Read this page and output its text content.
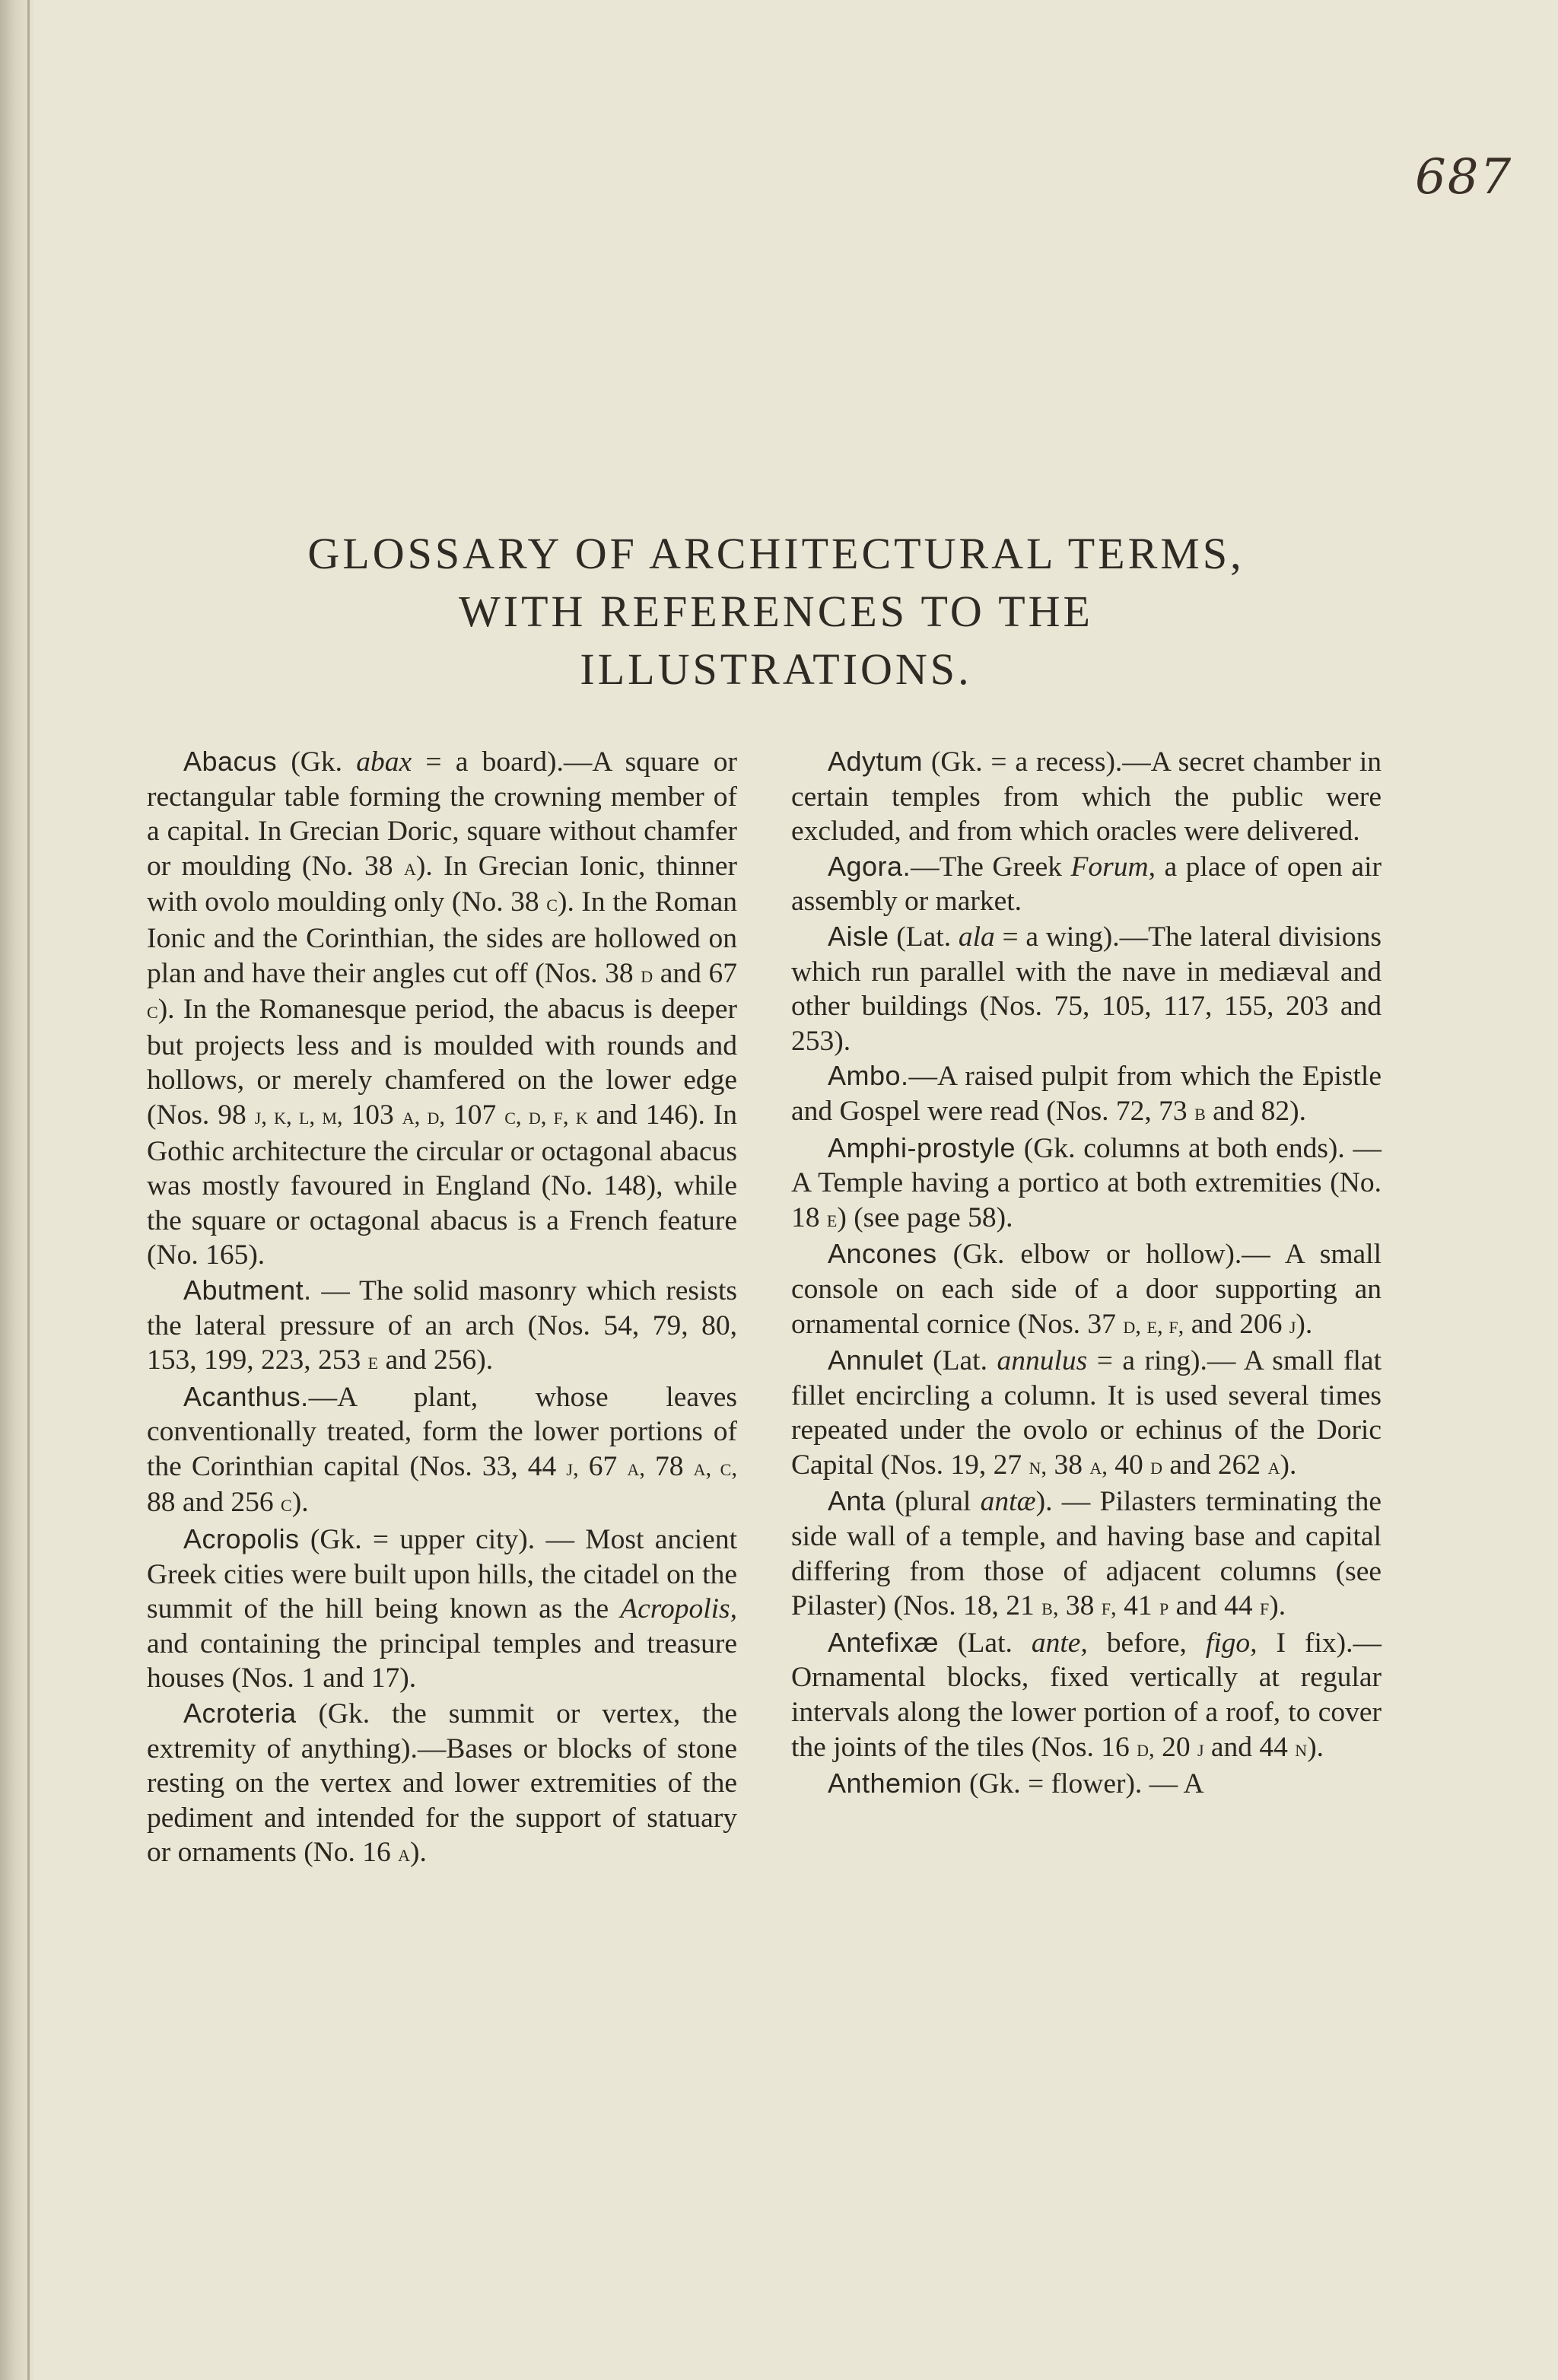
687
GLOSSARY OF ARCHITECTURAL TERMS,
WITH REFERENCES TO THE
ILLUSTRATIONS.

Abacus (Gk. abax = a board).—A square or rectangular table forming the crowning member of a capital. In Grecian Doric, square without chamfer or moulding (No. 38 a). In Grecian Ionic, thinner with ovolo moulding only (No. 38 c). In the Roman Ionic and the Corinthian, the sides are hollowed on plan and have their angles cut off (Nos. 38 d and 67 c). In the Romanesque period, the abacus is deeper but projects less and is moulded with rounds and hollows, or merely chamfered on the lower edge (Nos. 98 j, k, l, m, 103 a, d, 107 c, d, f, k and 146). In Gothic architecture the circular or octagonal abacus was mostly favoured in England (No. 148), while the square or octagonal abacus is a French feature (No. 165).

Abutment. — The solid masonry which resists the lateral pressure of an arch (Nos. 54, 79, 80, 153, 199, 223, 253 e and 256).

Acanthus.—A plant, whose leaves conventionally treated, form the lower portions of the Corinthian capital (Nos. 33, 44 j, 67 a, 78 a, c, 88 and 256 c).

Acropolis (Gk. = upper city). — Most ancient Greek cities were built upon hills, the citadel on the summit of the hill being known as the Acropolis, and containing the principal temples and treasure houses (Nos. 1 and 17).

Acroteria (Gk. the summit or vertex, the extremity of anything).—Bases or blocks of stone resting on the vertex and lower extremities of the pediment and intended for the support of statuary or ornaments (No. 16 a).

Adytum (Gk. = a recess).—A secret chamber in certain temples from which the public were excluded, and from which oracles were delivered.

Agora.—The Greek Forum, a place of open air assembly or market.

Aisle (Lat. ala = a wing).—The lateral divisions which run parallel with the nave in mediæval and other buildings (Nos. 75, 105, 117, 155, 203 and 253).

Ambo.—A raised pulpit from which the Epistle and Gospel were read (Nos. 72, 73 b and 82).

Amphi-prostyle (Gk. columns at both ends). — A Temple having a portico at both extremities (No. 18 e) (see page 58).

Ancones (Gk. elbow or hollow).— A small console on each side of a door supporting an ornamental cornice (Nos. 37 d, e, f, and 206 j).

Annulet (Lat. annulus = a ring).— A small flat fillet encircling a column. It is used several times repeated under the ovolo or echinus of the Doric Capital (Nos. 19, 27 n, 38 a, 40 d and 262 a).

Anta (plural antæ). — Pilasters terminating the side wall of a temple, and having base and capital differing from those of adjacent columns (see Pilaster) (Nos. 18, 21 b, 38 f, 41 p and 44 f).

Antefixæ (Lat. ante, before, figo, I fix).—Ornamental blocks, fixed vertically at regular intervals along the lower portion of a roof, to cover the joints of the tiles (Nos. 16 d, 20 j and 44 n).

Anthemion (Gk. = flower). — A
